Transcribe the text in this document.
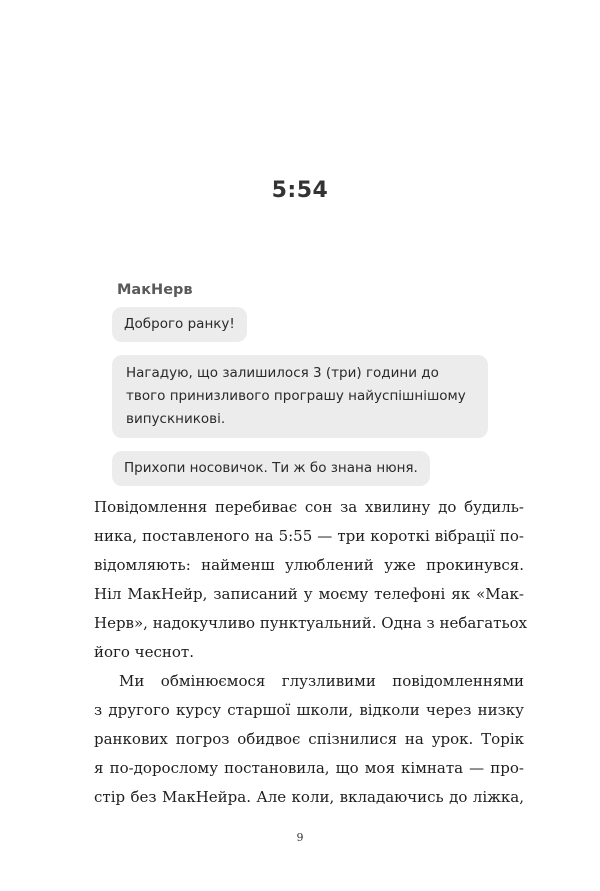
5:54
МакНерв
Доброго ранку!
Нагадую, що залишилося 3 (три) години до твого принизливого програшу найуспішнішому випускникові.
Прихопи носовичок. Ти ж бо знана нюня.

Повідомлення перебиває сон за хвилину до будиль-
ника, поставленого на 5:55 — три короткі вібрації по-
відомляють: найменш улюблений уже прокинувся.
Ніл МакНейр, записаний у моєму телефоні як «Мак-
Нерв», надокучливо пунктуальний. Одна з небагатьох
його чеснот.

Ми обмінюємося глузливими повідомленнями
з другого курсу старшої школи, відколи через низку
ранкових погроз обидвоє спізнилися на урок. Торік
я по-дорослому постановила, що моя кімната — про-
стір без МакНейра. Але коли, вкладаючись до ліжка,

9
